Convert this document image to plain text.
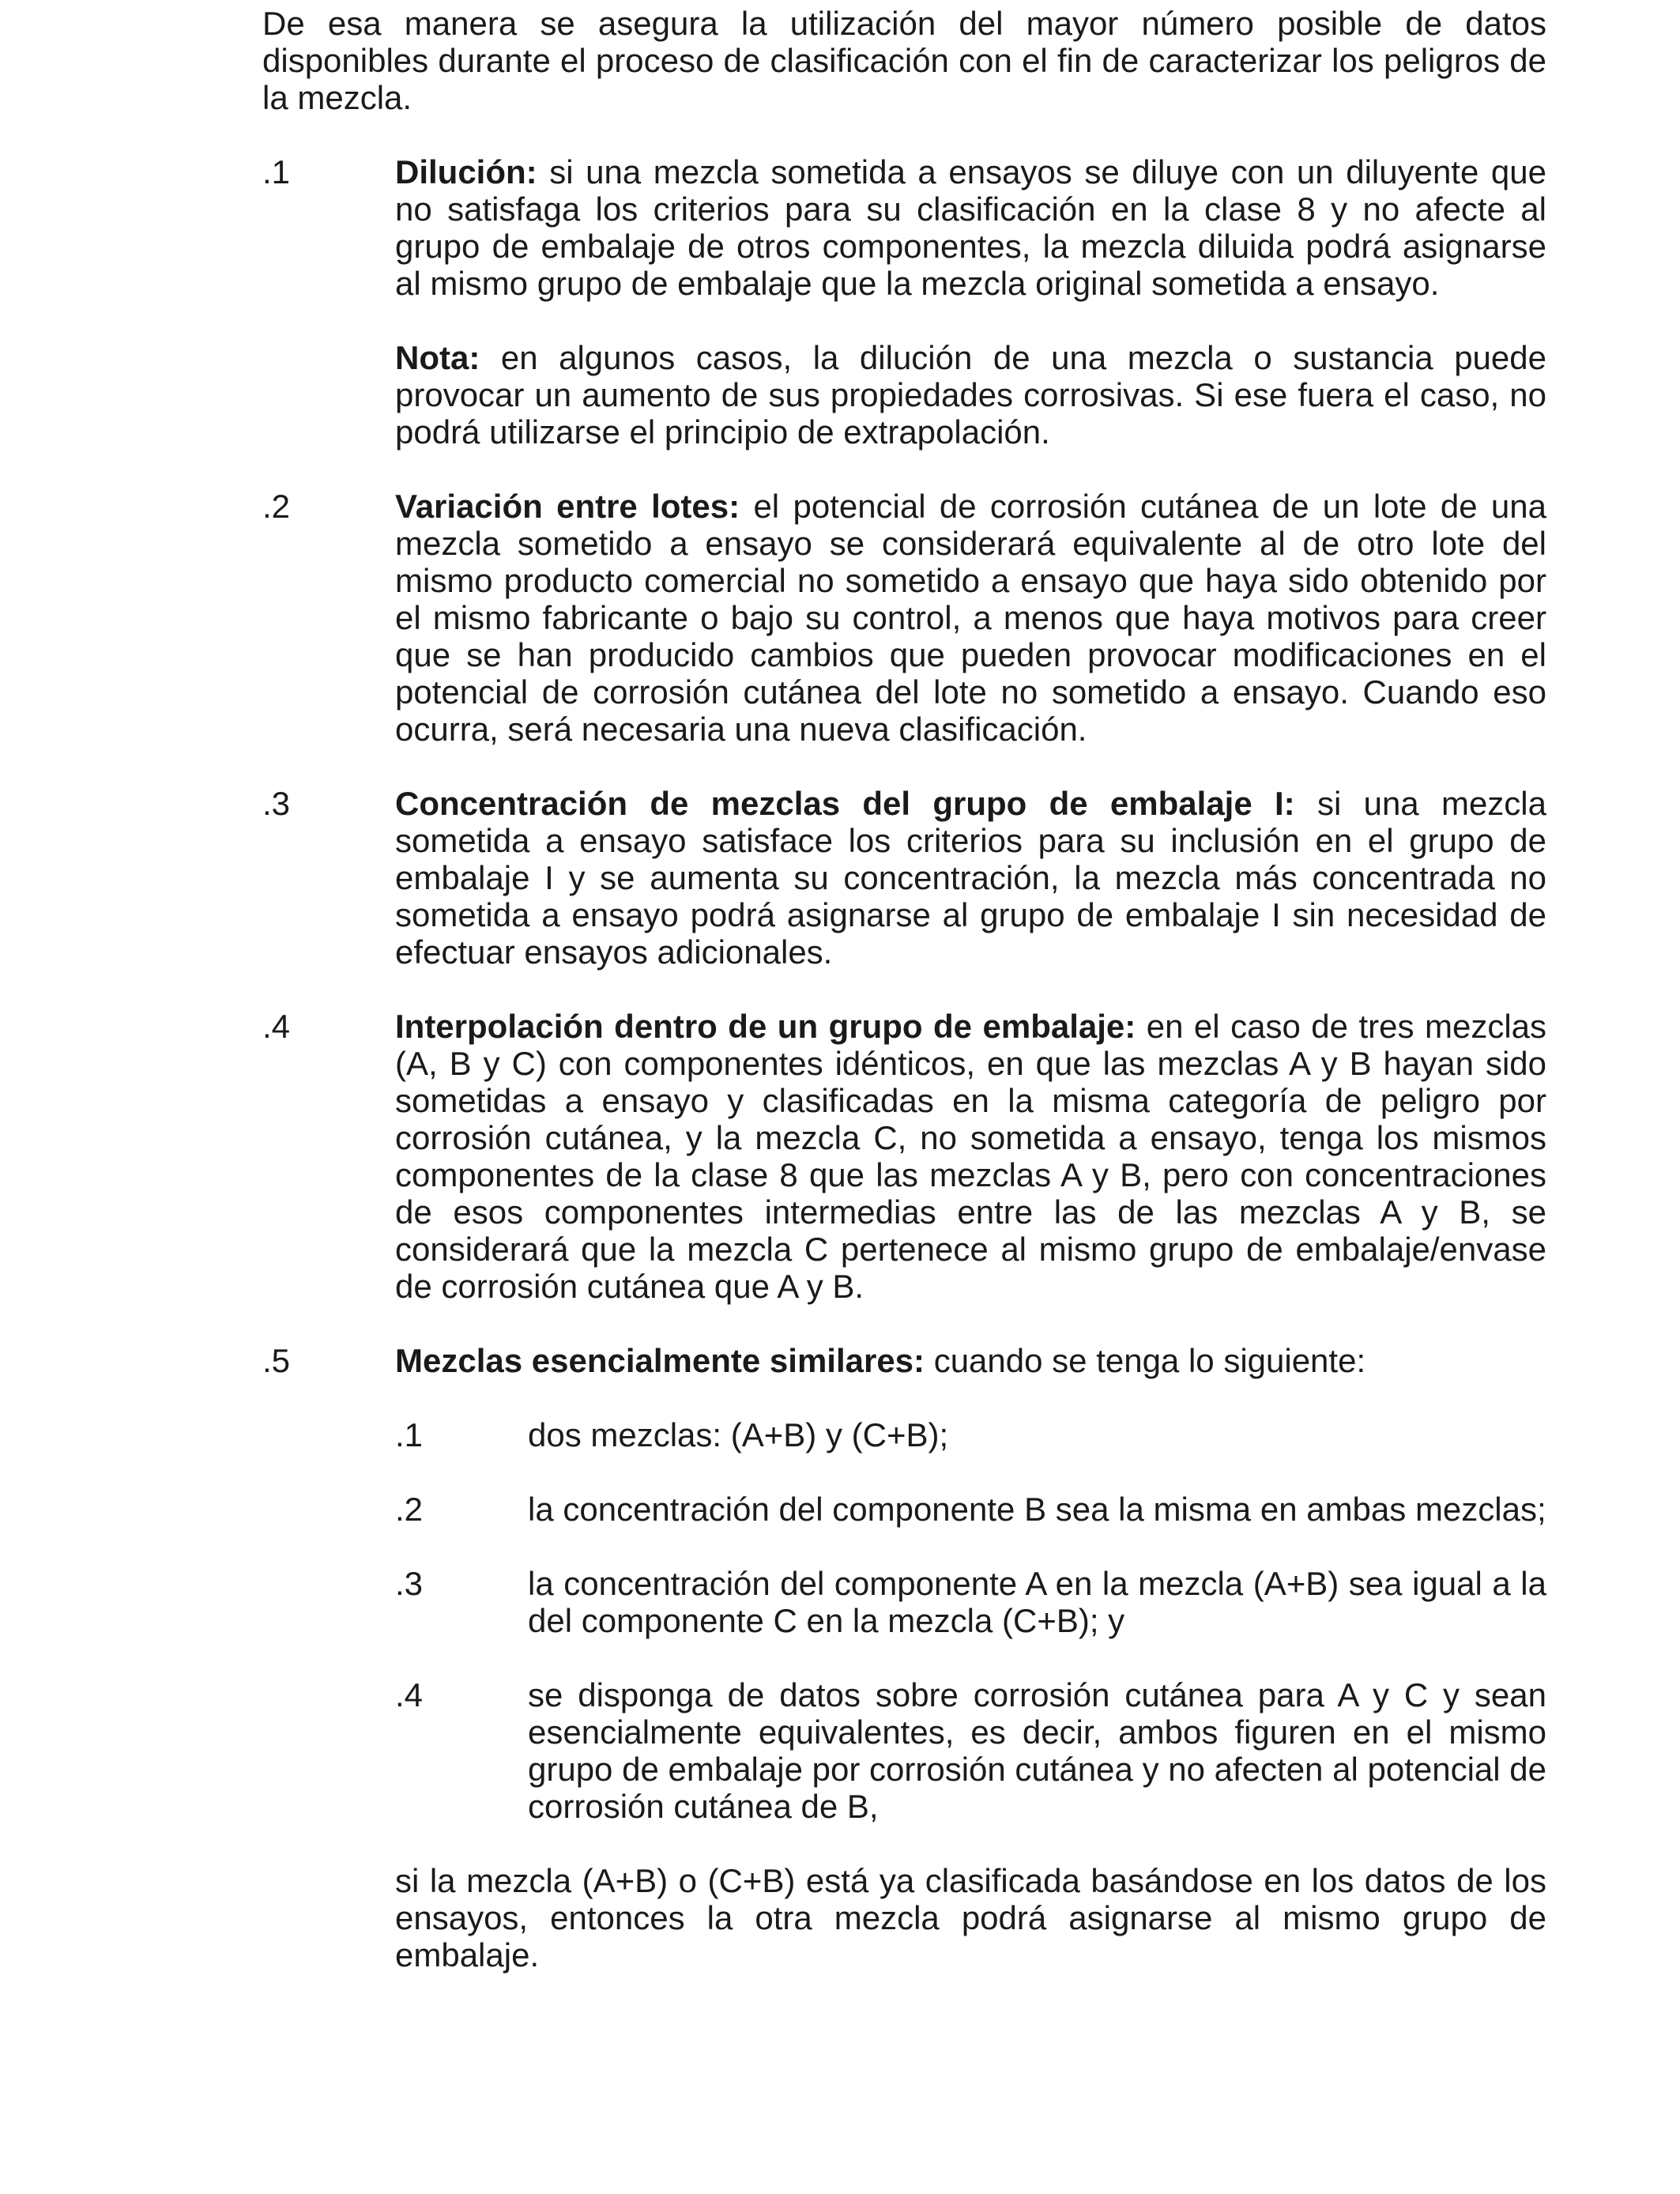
De esa manera se asegura la utilización del mayor número posible de datos disponibles durante el proceso de clasificación con el fin de caracterizar los peligros de la mezcla.

.1	Dilución: si una mezcla sometida a ensayos se diluye con un diluyente que no satisfaga los criterios para su clasificación en la clase 8 y no afecte al grupo de embalaje de otros componentes, la mezcla diluida podrá asignarse al mismo grupo de embalaje que la mezcla original sometida a ensayo.

Nota: en algunos casos, la dilución de una mezcla o sustancia puede provocar un aumento de sus propiedades corrosivas. Si ese fuera el caso, no podrá utilizarse el principio de extrapolación.

.2	Variación entre lotes: el potencial de corrosión cutánea de un lote de una mezcla sometido a ensayo se considerará equivalente al de otro lote del mismo producto comercial no sometido a ensayo que haya sido obtenido por el mismo fabricante o bajo su control, a menos que haya motivos para creer que se han producido cambios que pueden provocar modificaciones en el potencial de corrosión cutánea del lote no sometido a ensayo. Cuando eso ocurra, será necesaria una nueva clasificación.

.3	Concentración de mezclas del grupo de embalaje I: si una mezcla sometida a ensayo satisface los criterios para su inclusión en el grupo de embalaje I y se aumenta su concentración, la mezcla más concentrada no sometida a ensayo podrá asignarse al grupo de embalaje I sin necesidad de efectuar ensayos adicionales.

.4	Interpolación dentro de un grupo de embalaje: en el caso de tres mezclas (A, B y C) con componentes idénticos, en que las mezclas A y B hayan sido sometidas a ensayo y clasificadas en la misma categoría de peligro por corrosión cutánea, y la mezcla C, no sometida a ensayo, tenga los mismos componentes de la clase 8 que las mezclas A y B, pero con concentraciones de esos componentes intermedias entre las de las mezclas A y B, se considerará que la mezcla C pertenece al mismo grupo de embalaje/envase de corrosión cutánea que A y B.

.5	Mezclas esencialmente similares: cuando se tenga lo siguiente:

.1	dos mezclas: (A+B) y (C+B);

.2	la concentración del componente B sea la misma en ambas mezclas;

.3	la concentración del componente A en la mezcla (A+B) sea igual a la del componente C en la mezcla (C+B); y

.4	se disponga de datos sobre corrosión cutánea para A y C y sean esencialmente equivalentes, es decir, ambos figuren en el mismo grupo de embalaje por corrosión cutánea y no afecten al potencial de corrosión cutánea de B,

si la mezcla (A+B) o (C+B) está ya clasificada basándose en los datos de los ensayos, entonces la otra mezcla podrá asignarse al mismo grupo de embalaje.
